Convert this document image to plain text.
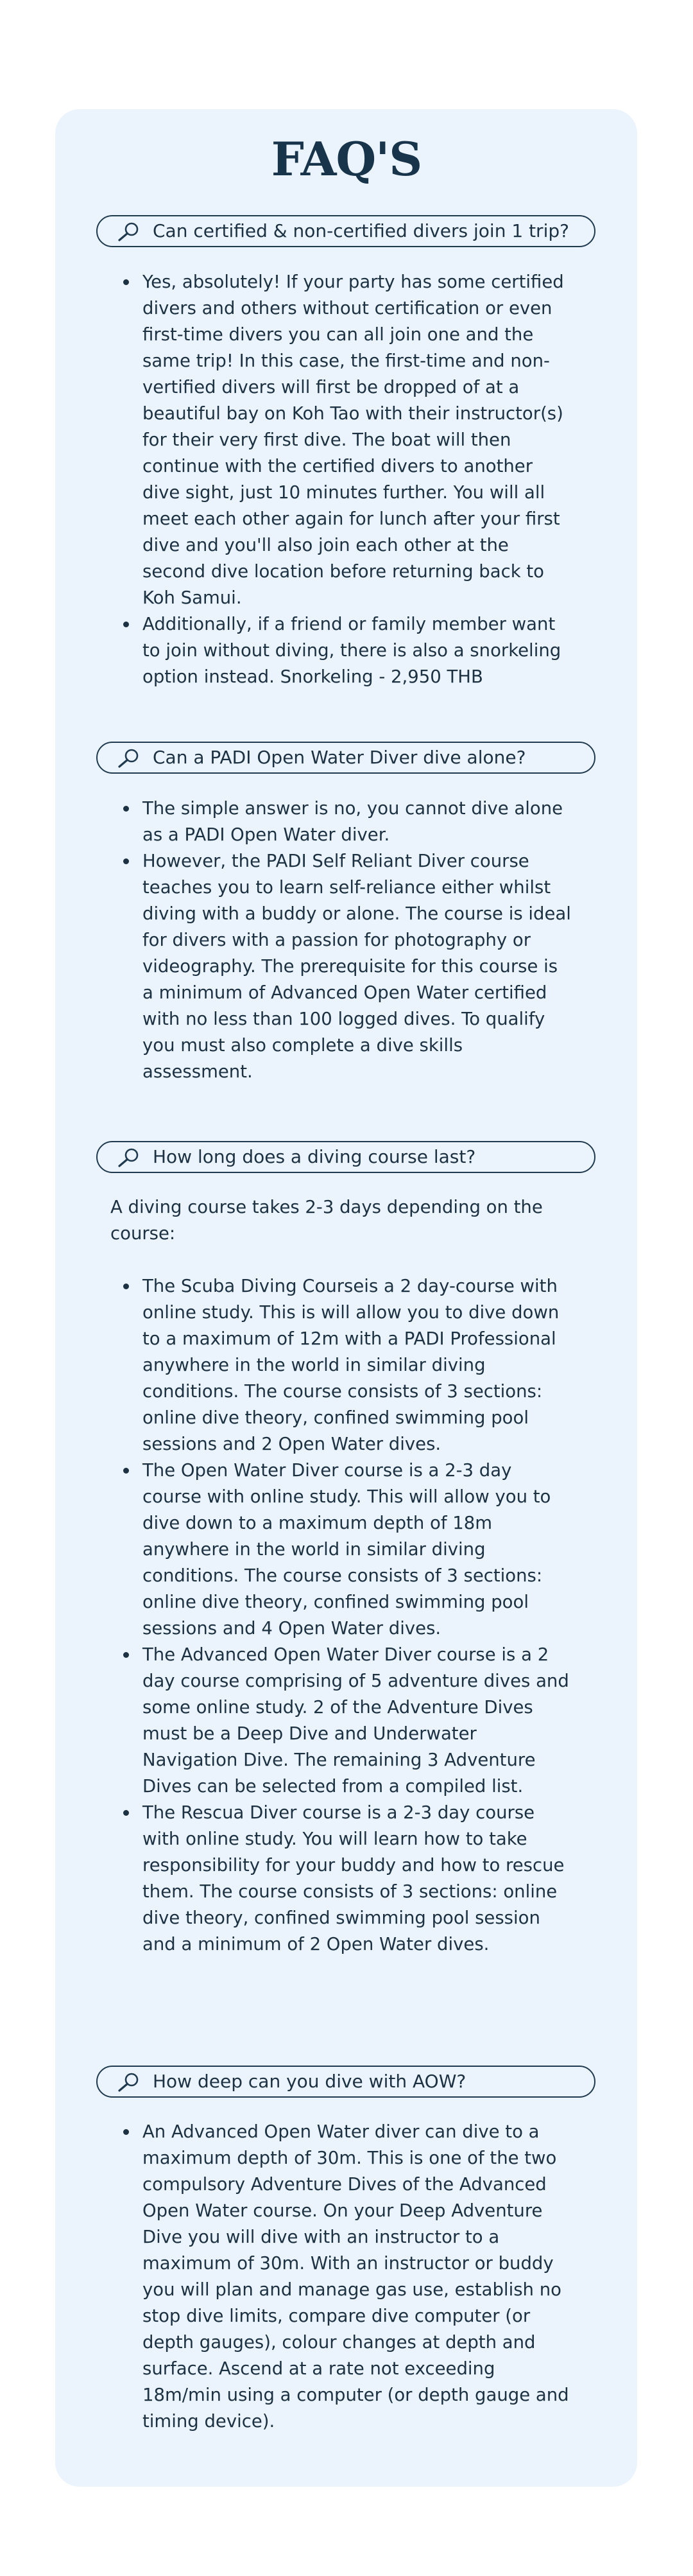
FAQ'S
Can certified & non-certified divers join 1 trip?
Yes, absolutely! If your party has some certified divers and others without certification or even first-time divers you can all join one and the same trip! In this case, the first-time and non-vertified divers will first be dropped of at a beautiful bay on Koh Tao with their instructor(s) for their very first dive. The boat will then continue with the certified divers to another dive sight, just 10 minutes further. You will all meet each other again for lunch after your first dive and you'll also join each other at the second dive location before returning back to Koh Samui.
Additionally, if a friend or family member want to join without diving, there is also a snorkeling option instead. Snorkeling - 2,950 THB
Can a PADI Open Water Diver dive alone?
The simple answer is no, you cannot dive alone as a PADI Open Water diver.
However, the PADI Self Reliant Diver course teaches you to learn self-reliance either whilst diving with a buddy or alone. The course is ideal for divers with a passion for photography or videography. The prerequisite for this course is a minimum of Advanced Open Water certified with no less than 100 logged dives. To qualify you must also complete a dive skills assessment.
How long does a diving course last?

A diving course takes 2-3 days depending on the course:

The Scuba Diving Courseis a 2 day-course with online study. This is will allow you to dive down to a maximum of 12m with a PADI Professional anywhere in the world in similar diving conditions. The course consists of 3 sections: online dive theory, confined swimming pool sessions and 2 Open Water dives.
The Open Water Diver course is a 2-3 day course with online study. This will allow you to dive down to a maximum depth of 18m anywhere in the world in similar diving conditions. The course consists of 3 sections: online dive theory, confined swimming pool sessions and 4 Open Water dives.
The Advanced Open Water Diver course is a 2 day course comprising of 5 adventure dives and some online study. 2 of the Adventure Dives must be a Deep Dive and Underwater Navigation Dive. The remaining 3 Adventure Dives can be selected from a compiled list.
The Rescua Diver course is a 2-3 day course with online study. You will learn how to take responsibility for your buddy and how to rescue them. The course consists of 3 sections: online dive theory, confined swimming pool session and a minimum of 2 Open Water dives.
How deep can you dive with AOW?
An Advanced Open Water diver can dive to a maximum depth of 30m. This is one of the two compulsory Adventure Dives of the Advanced Open Water course. On your Deep Adventure Dive you will dive with an instructor to a maximum of 30m. With an instructor or buddy you will plan and manage gas use, establish no stop dive limits, compare dive computer (or depth gauges), colour changes at depth and surface. Ascend at a rate not exceeding 18m/min using a computer (or depth gauge and timing device).
